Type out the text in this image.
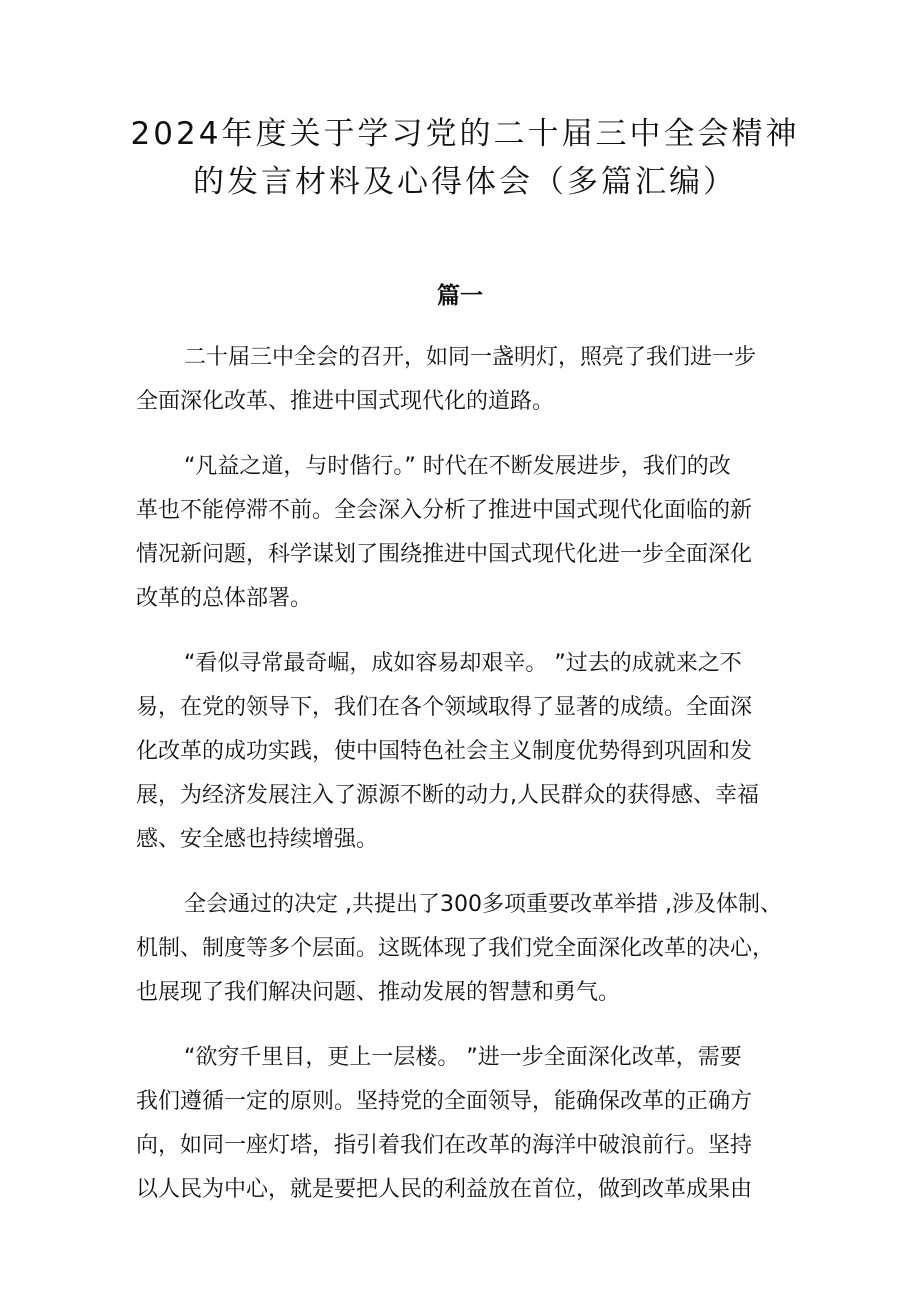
2024年度关于学习党的二十届三中全会精神
的发言材料及心得体会（多篇汇编）
篇一

二十届三中全会的召开，如同一盏明灯，照亮了我们进一步
全面深化改革、推进中国式现代化的道路。

“凡益之道，与时偕行。” 时代在不断发展进步，我们的改
革也不能停滞不前。全会深入分析了推进中国式现代化面临的新
情况新问题，科学谋划了围绕推进中国式现代化进一步全面深化
改革的总体部署。

“看似寻常最奇崛，成如容易却艰辛。 ”过去的成就来之不
易，在党的领导下，我们在各个领域取得了显著的成绩。全面深
化改革的成功实践，使中国特色社会主义制度优势得到巩固和发
展，为经济发展注入了源源不断的动力,人民群众的获得感、幸福
感、安全感也持续增强。

全会通过的决定 ,共提出了300多项重要改革举措 ,涉及体制、
机制、制度等多个层面。这既体现了我们党全面深化改革的决心，
也展现了我们解决问题、推动发展的智慧和勇气。

“欲穷千里目，更上一层楼。 ”进一步全面深化改革，需要
我们遵循一定的原则。坚持党的全面领导，能确保改革的正确方
向，如同一座灯塔，指引着我们在改革的海洋中破浪前行。坚持
以人民为中心，就是要把人民的利益放在首位，做到改革成果由
